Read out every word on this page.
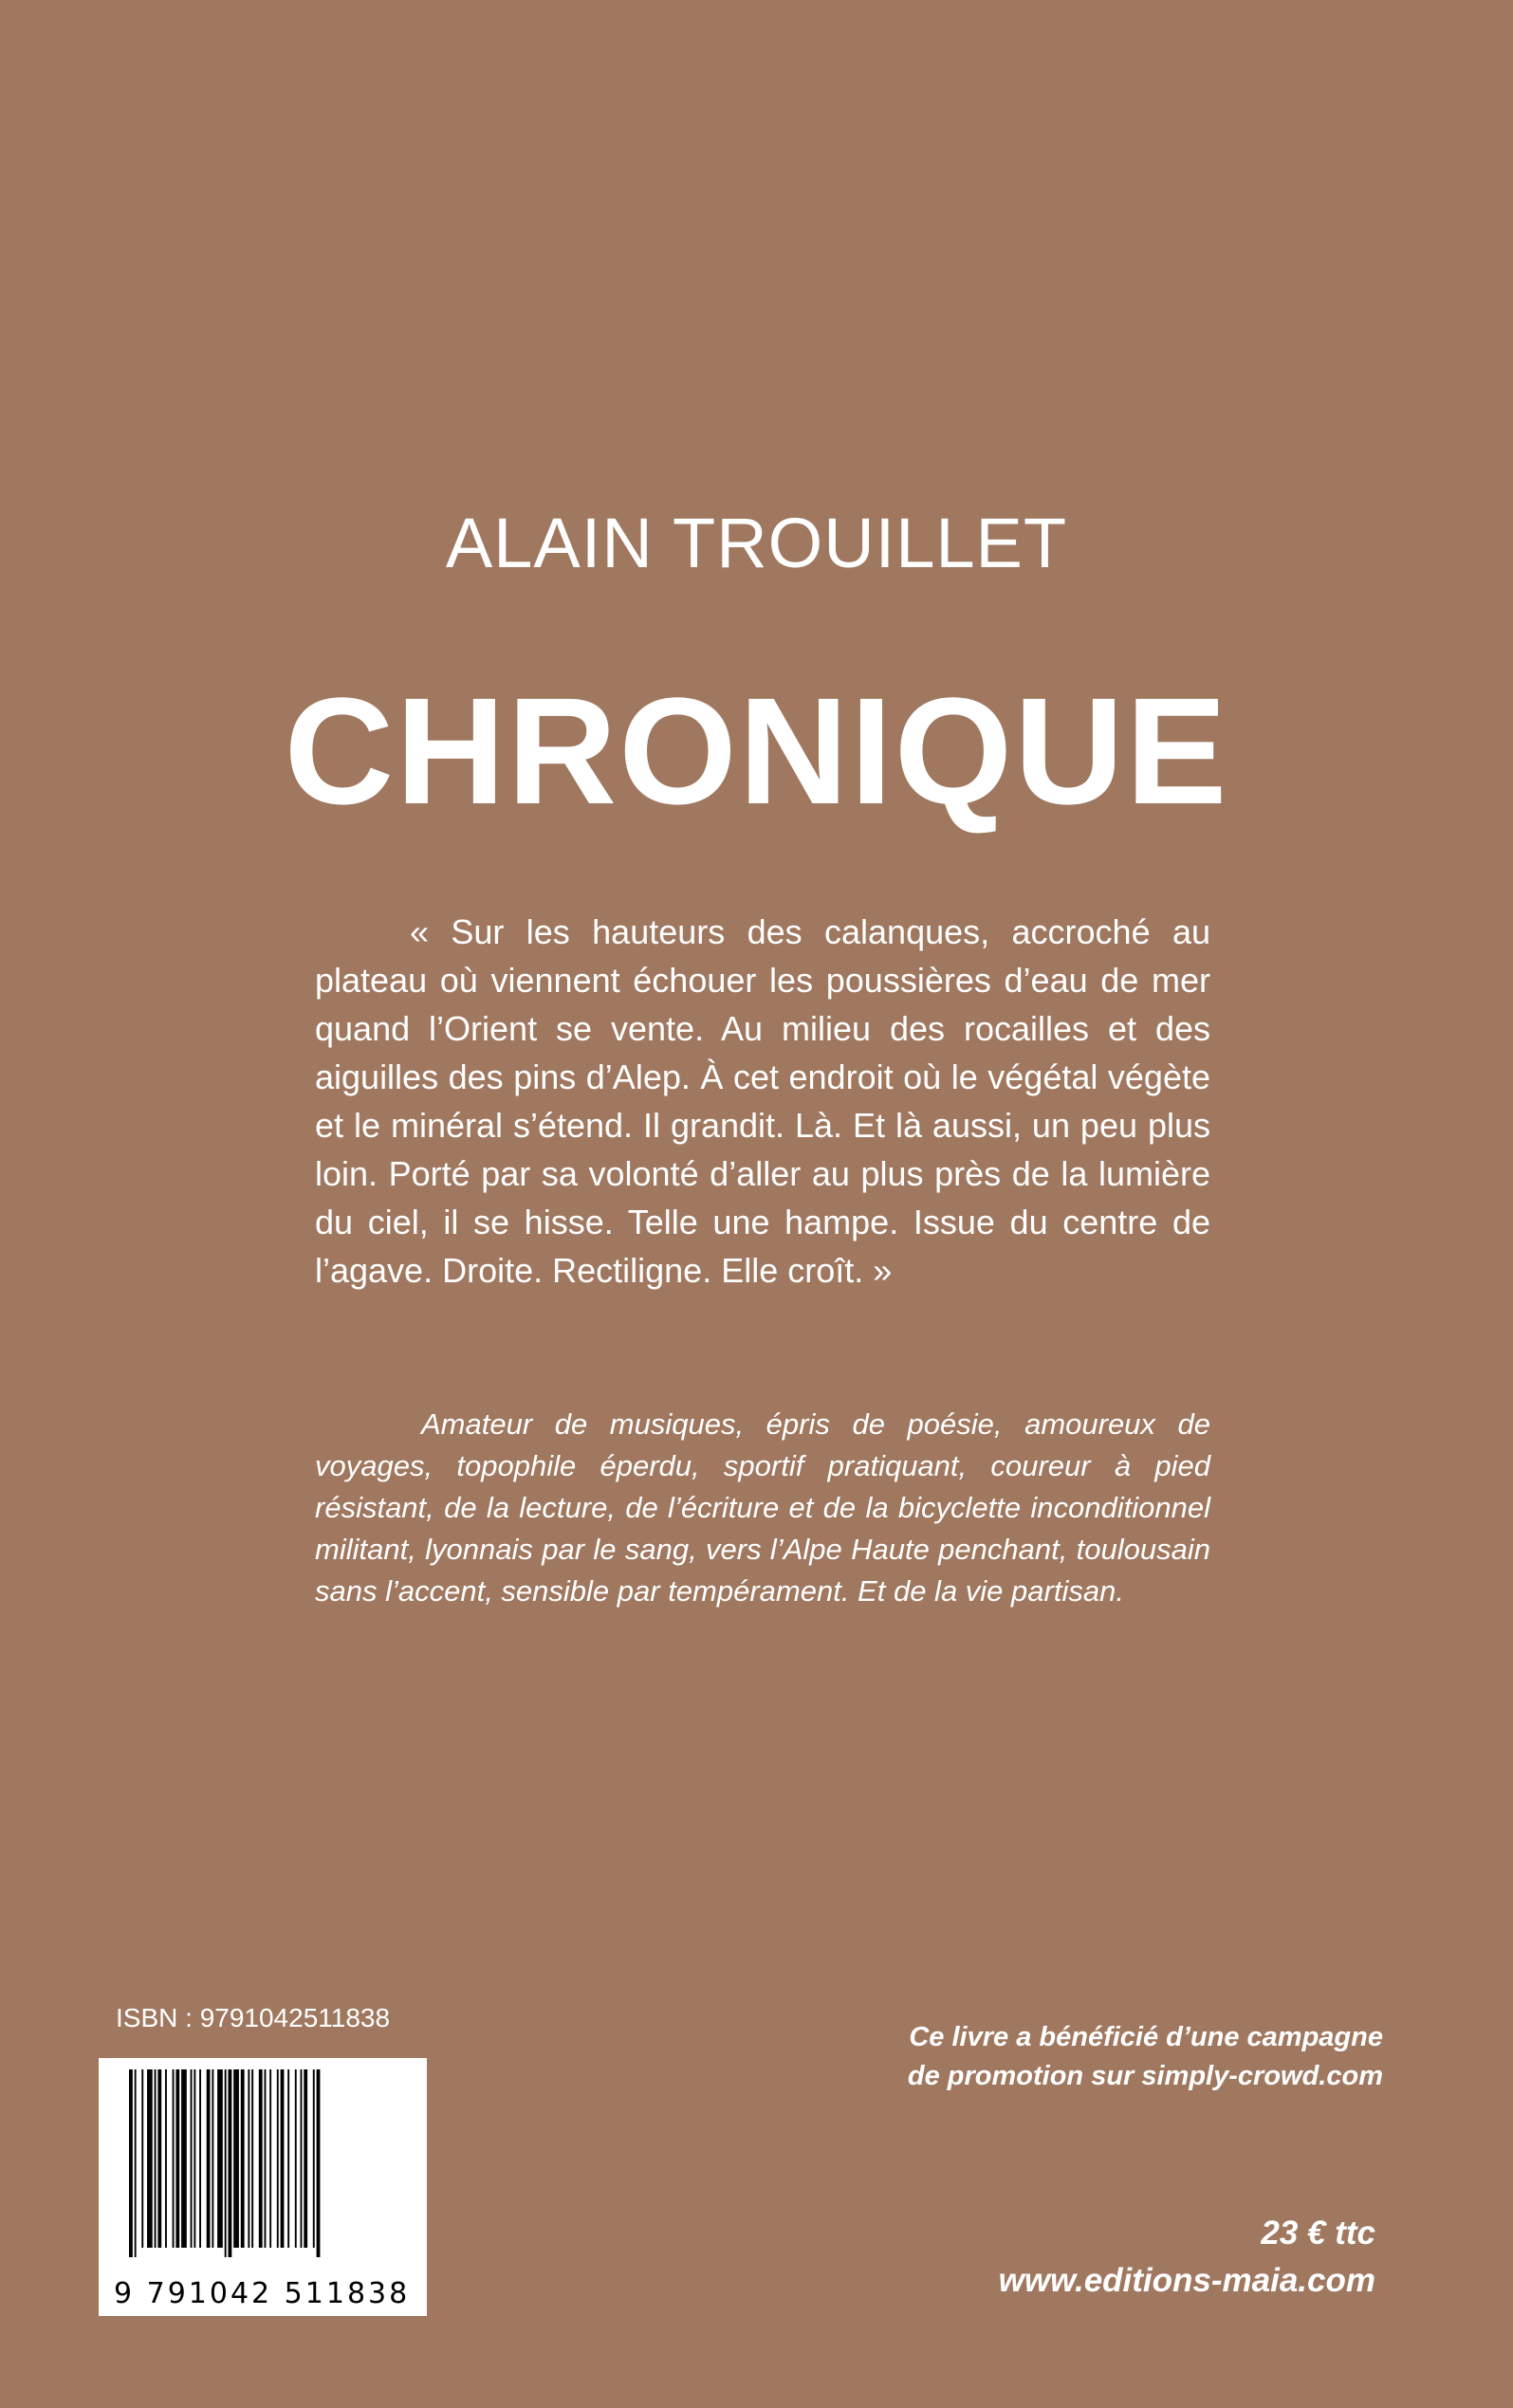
ALAIN TROUILLET
CHRONIQUE

« Sur les hauteurs des calanques, accroché au plateau où viennent échouer les poussières d’eau de mer quand l’Orient se vente. Au milieu des rocailles et des aiguilles des pins d’Alep. À cet endroit où le végétal végète et le minéral s’étend. Il grandit. Là. Et là aussi, un peu plus loin. Porté par sa volonté d’aller au plus près de la lumière du ciel, il se hisse. Telle une hampe. Issue du centre de l’agave. Droite. Rectiligne. Elle croît. »

Amateur de musiques, épris de poésie, amoureux de voyages, topophile éperdu, sportif pratiquant, coureur à pied résistant, de la lecture, de l’écriture et de la bicyclette inconditionnel militant, lyonnais par le sang, vers l’Alpe Haute penchant, toulousain sans l’accent, sensible par tempérament. Et de la vie partisan.

ISBN : 9791042511838

9 791042 511838
Ce livre a bénéficié d’une campagne
de promotion sur simply-crowd.com

23 € ttc

www.editions-maia.com
